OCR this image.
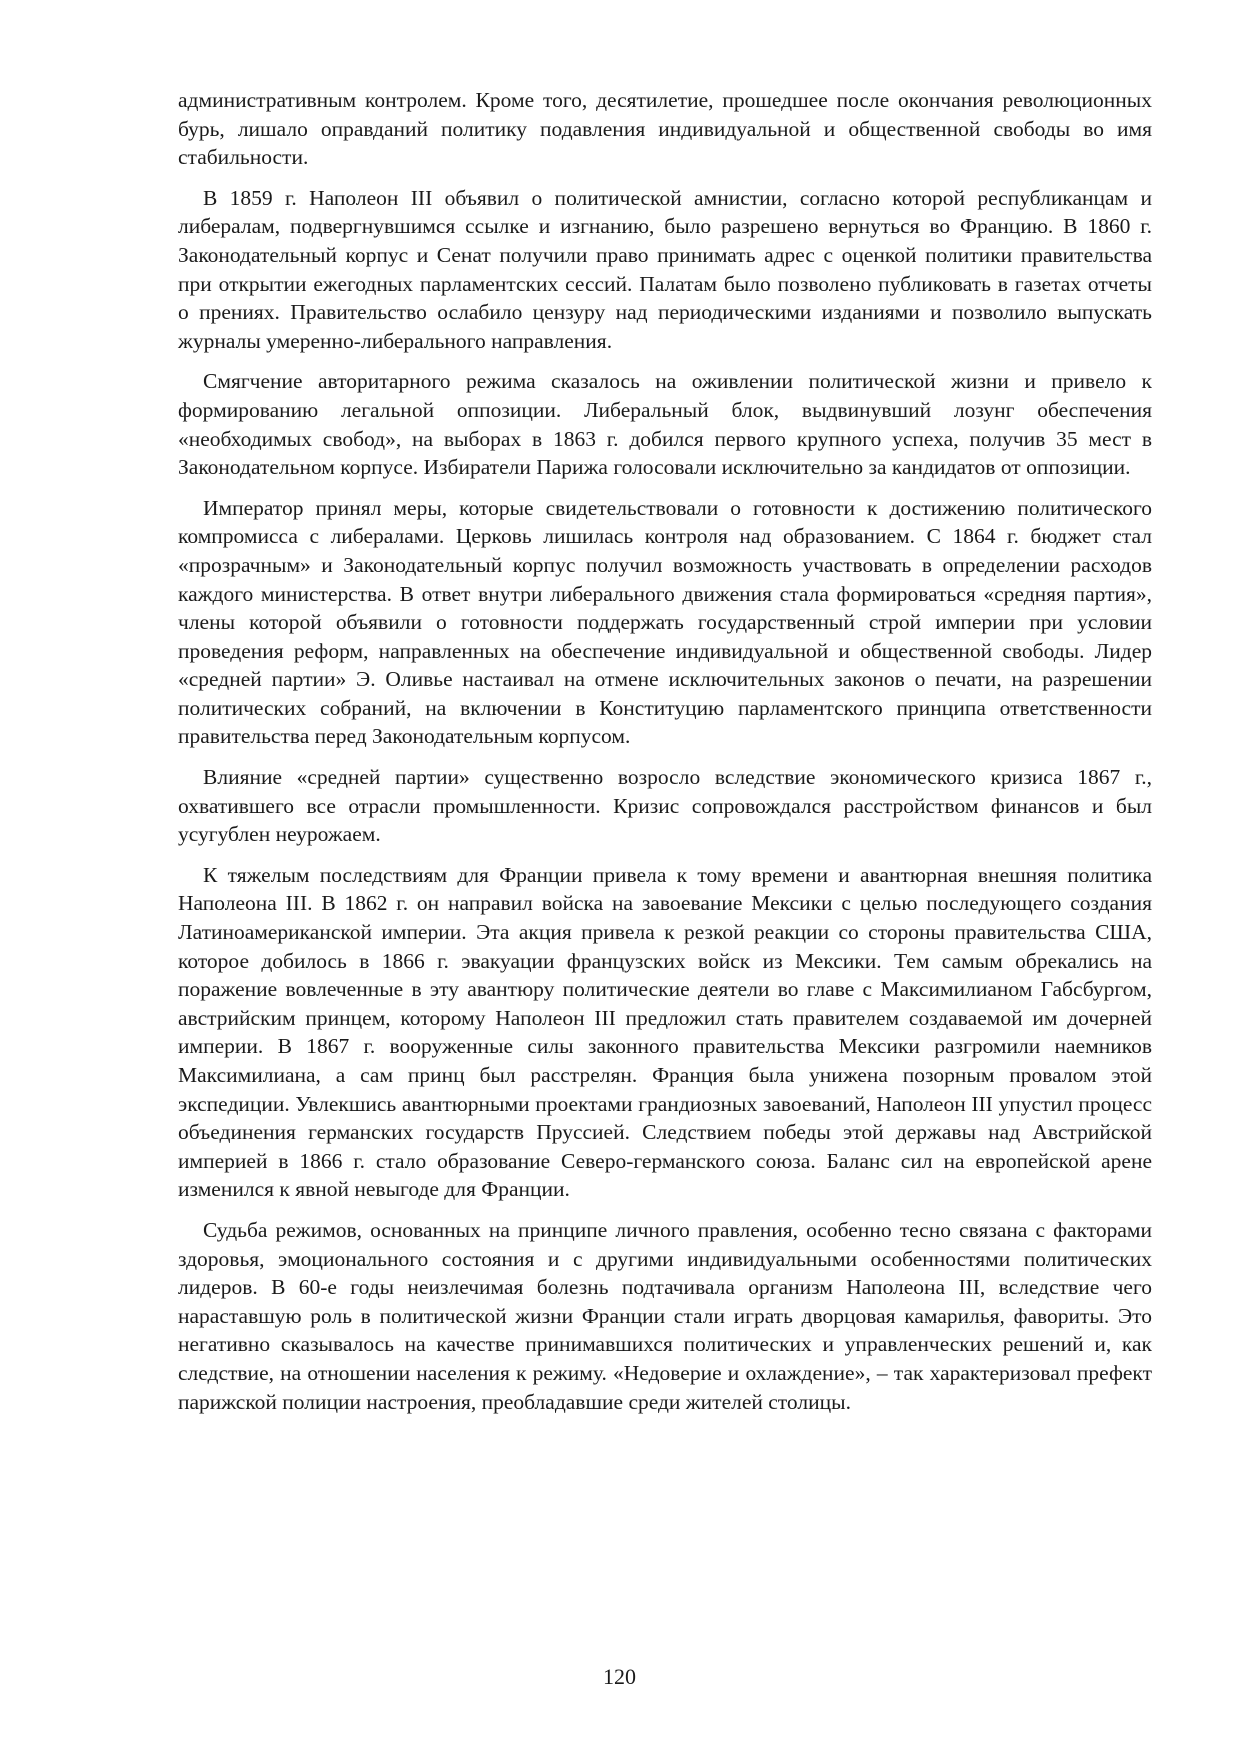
административным контролем. Кроме того, десятилетие, прошедшее после окончания революционных бурь, лишало оправданий политику подавления индивидуальной и общественной свободы во имя стабильности.

В 1859 г. Наполеон III объявил о политической амнистии, согласно которой республиканцам и либералам, подвергнувшимся ссылке и изгнанию, было разрешено вернуться во Францию. В 1860 г. Законодательный корпус и Сенат получили право принимать адрес с оценкой политики правительства при открытии ежегодных парламентских сессий. Палатам было позволено публиковать в газетах отчеты о прениях. Правительство ослабило цензуру над периодическими изданиями и позволило выпускать журналы умеренно-либерального направления.

Смягчение авторитарного режима сказалось на оживлении политической жизни и привело к формированию легальной оппозиции. Либеральный блок, выдвинувший лозунг обеспечения «необходимых свобод», на выборах в 1863 г. добился первого крупного успеха, получив 35 мест в Законодательном корпусе. Избиратели Парижа голосовали исключительно за кандидатов от оппозиции.

Император принял меры, которые свидетельствовали о готовности к достижению политического компромисса с либералами. Церковь лишилась контроля над образованием. С 1864 г. бюджет стал «прозрачным» и Законодательный корпус получил возможность участвовать в определении расходов каждого министерства. В ответ внутри либерального движения стала формироваться «средняя партия», члены которой объявили о готовности поддержать государственный строй империи при условии проведения реформ, направленных на обеспечение индивидуальной и общественной свободы. Лидер «средней партии» Э. Оливье настаивал на отмене исключительных законов о печати, на разрешении политических собраний, на включении в Конституцию парламентского принципа ответственности правительства перед Законодательным корпусом.

Влияние «средней партии» существенно возросло вследствие экономического кризиса 1867 г., охватившего все отрасли промышленности. Кризис сопровождался расстройством финансов и был усугублен неурожаем.

К тяжелым последствиям для Франции привела к тому времени и авантюрная внешняя политика Наполеона III. В 1862 г. он направил войска на завоевание Мексики с целью последующего создания Латиноамериканской империи. Эта акция привела к резкой реакции со стороны правительства США, которое добилось в 1866 г. эвакуации французских войск из Мексики. Тем самым обрекались на поражение вовлеченные в эту авантюру политические деятели во главе с Максимилианом Габсбургом, австрийским принцем, которому Наполеон III предложил стать правителем создаваемой им дочерней империи. В 1867 г. вооруженные силы законного правительства Мексики разгромили наемников Максимилиана, а сам принц был расстрелян. Франция была унижена позорным провалом этой экспедиции. Увлекшись авантюрными проектами грандиозных завоеваний, Наполеон III упустил процесс объединения германских государств Пруссией. Следствием победы этой державы над Австрийской империей в 1866 г. стало образование Северо-германского союза. Баланс сил на европейской арене изменился к явной невыгоде для Франции.

Судьба режимов, основанных на принципе личного правления, особенно тесно связана с факторами здоровья, эмоционального состояния и с другими индивидуальными особенностями политических лидеров. В 60-е годы неизлечимая болезнь подтачивала организм Наполеона III, вследствие чего нараставшую роль в политической жизни Франции стали играть дворцовая камарилья, фавориты. Это негативно сказывалось на качестве принимавшихся политических и управленческих решений и, как следствие, на отношении населения к режиму. «Недоверие и охлаждение», – так характеризовал префект парижской полиции настроения, преобладавшие среди жителей столицы.

120
